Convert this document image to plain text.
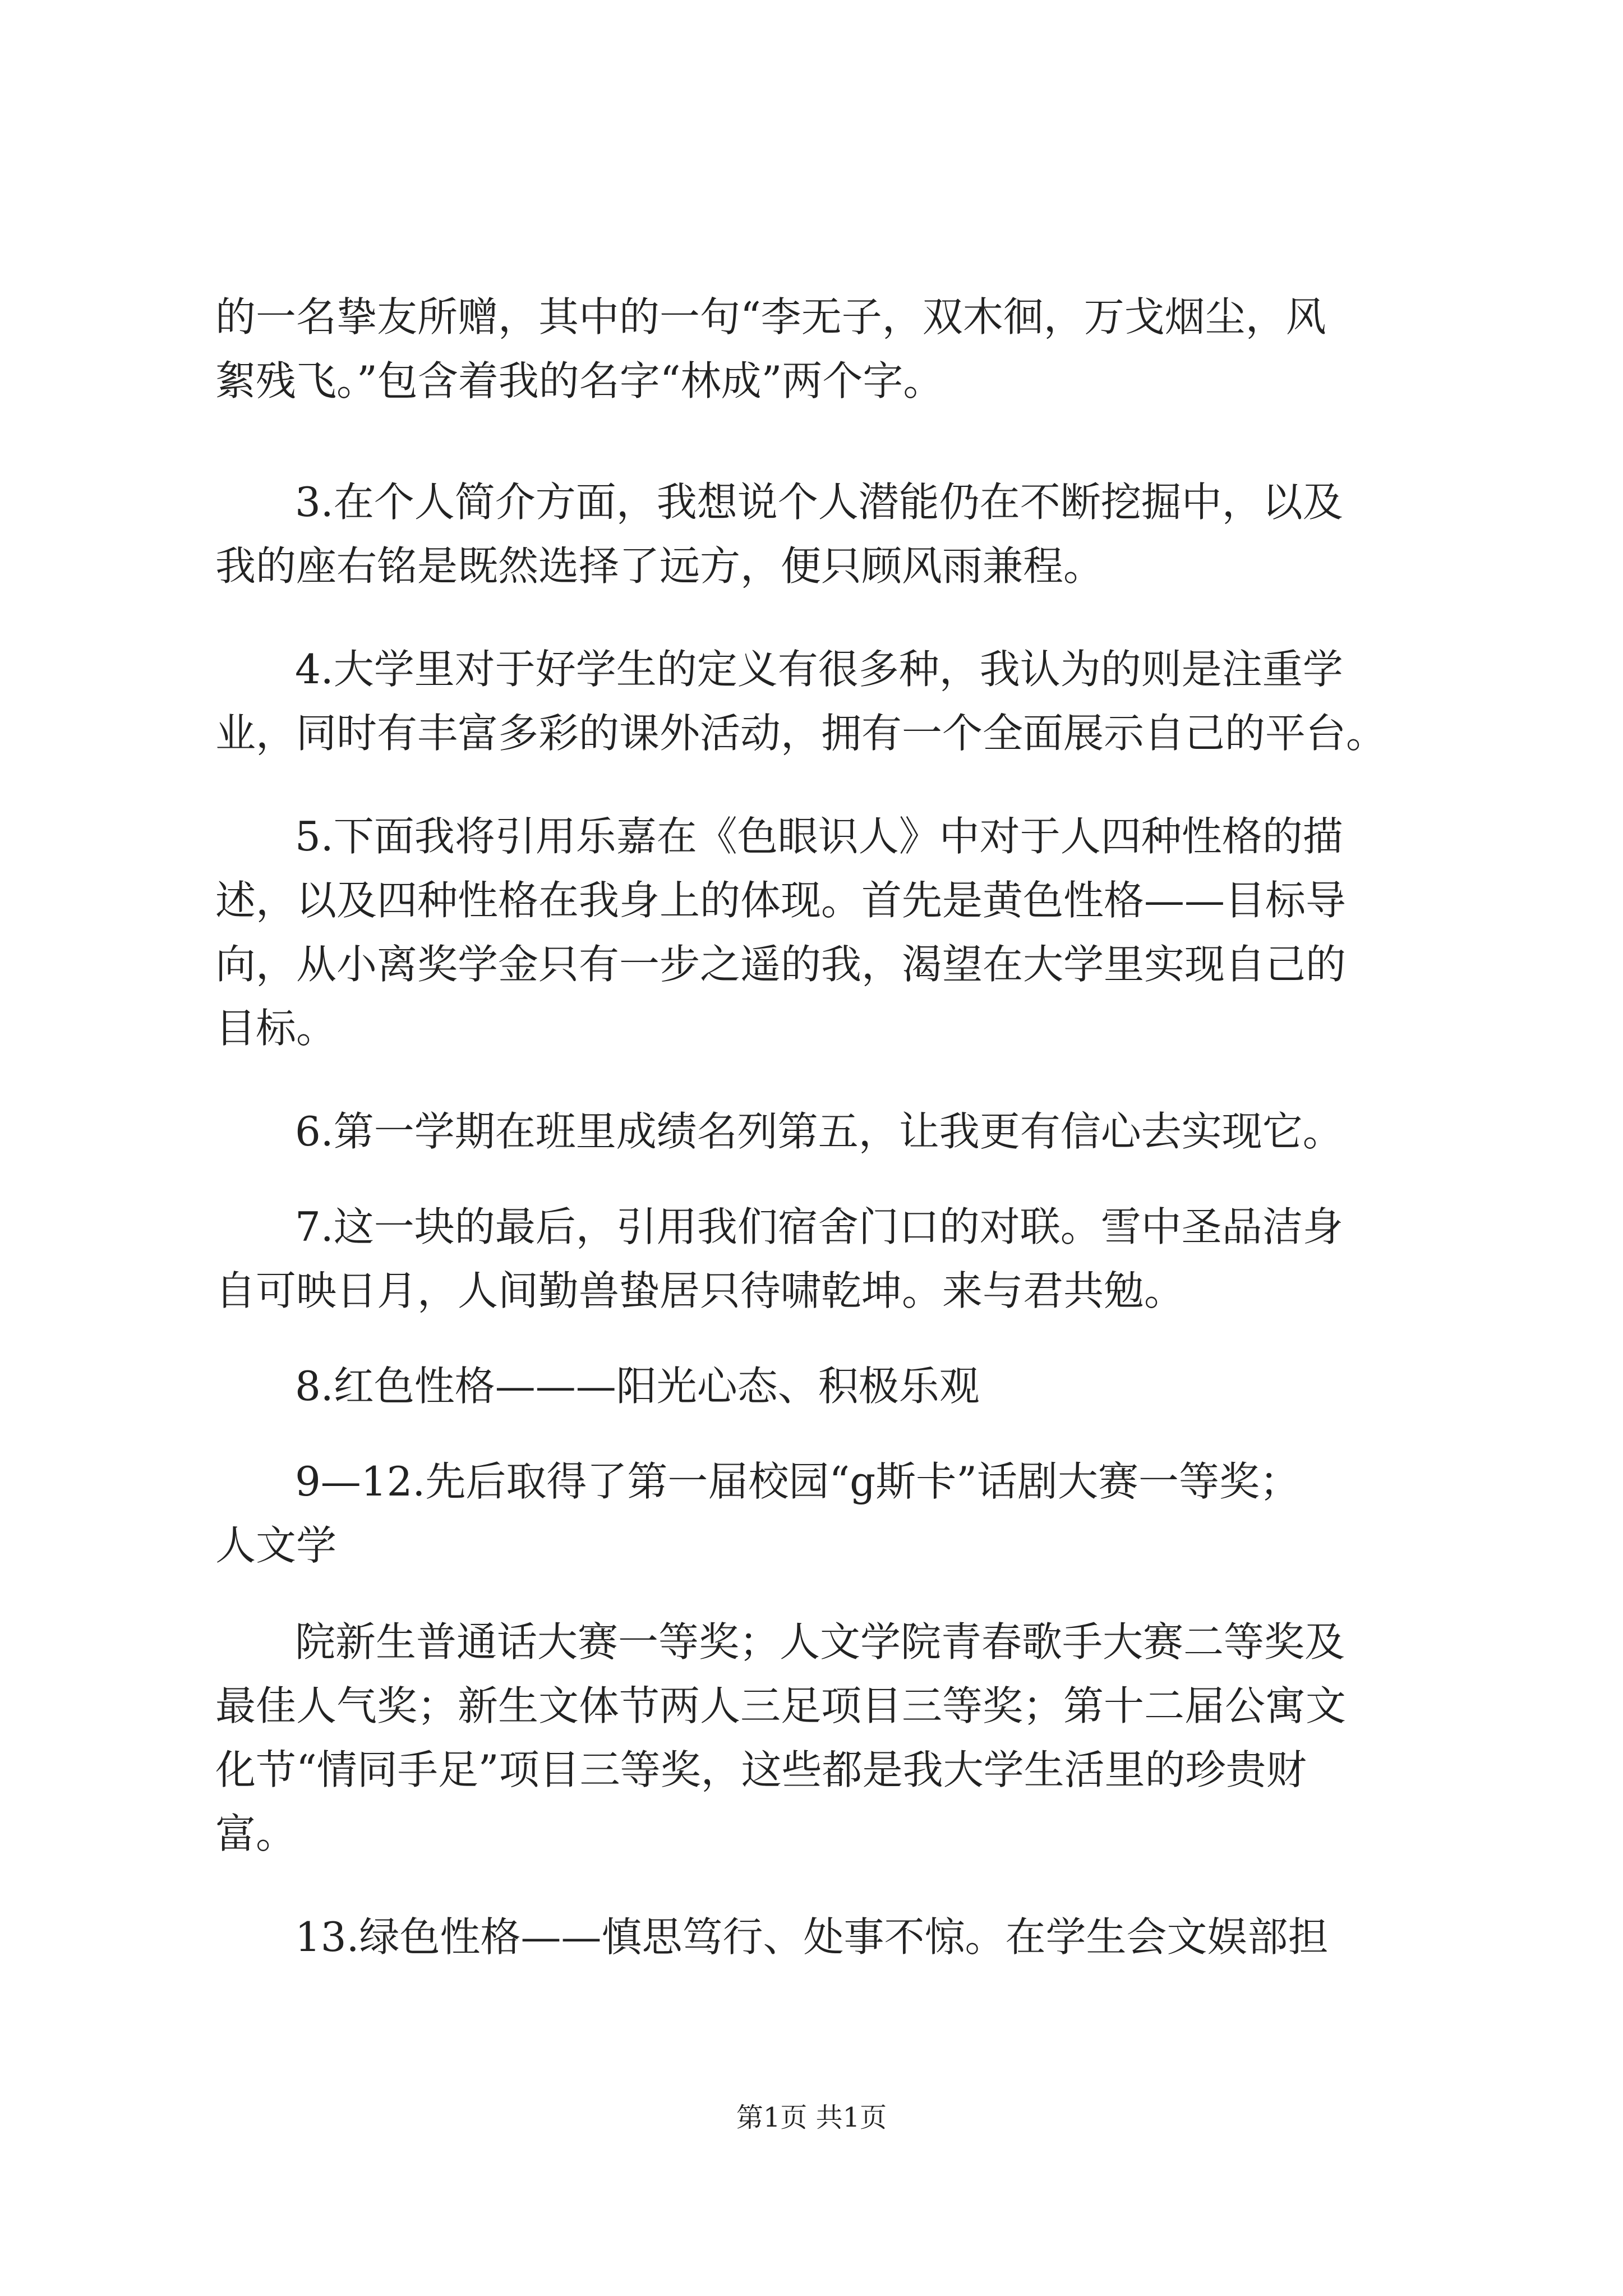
的一名挚友所赠，其中的一句“李无子，双木徊，万戈烟尘，风
絮残飞。”包含着我的名字“林成”两个字。
3.在个人简介方面，我想说个人潜能仍在不断挖掘中，以及
我的座右铭是既然选择了远方，便只顾风雨兼程。
4.大学里对于好学生的定义有很多种，我认为的则是注重学
业，同时有丰富多彩的课外活动，拥有一个全面展示自己的平台。
5.下面我将引用乐嘉在《色眼识人》中对于人四种性格的描
述，以及四种性格在我身上的体现。首先是黄色性格——目标导
向，从小离奖学金只有一步之遥的我，渴望在大学里实现自己的
目标。
6.第一学期在班里成绩名列第五，让我更有信心去实现它。
7.这一块的最后，引用我们宿舍门口的对联。雪中圣品洁身
自可映日月，人间勤兽蛰居只待啸乾坤。来与君共勉。
8.红色性格———阳光心态、积极乐观
9—12.先后取得了第一届校园“g斯卡”话剧大赛一等奖；
人文学
院新生普通话大赛一等奖；人文学院青春歌手大赛二等奖及
最佳人气奖；新生文体节两人三足项目三等奖；第十二届公寓文
化节“情同手足”项目三等奖，这些都是我大学生活里的珍贵财
富。
13.绿色性格——慎思笃行、处事不惊。在学生会文娱部担
第1页 共1页
